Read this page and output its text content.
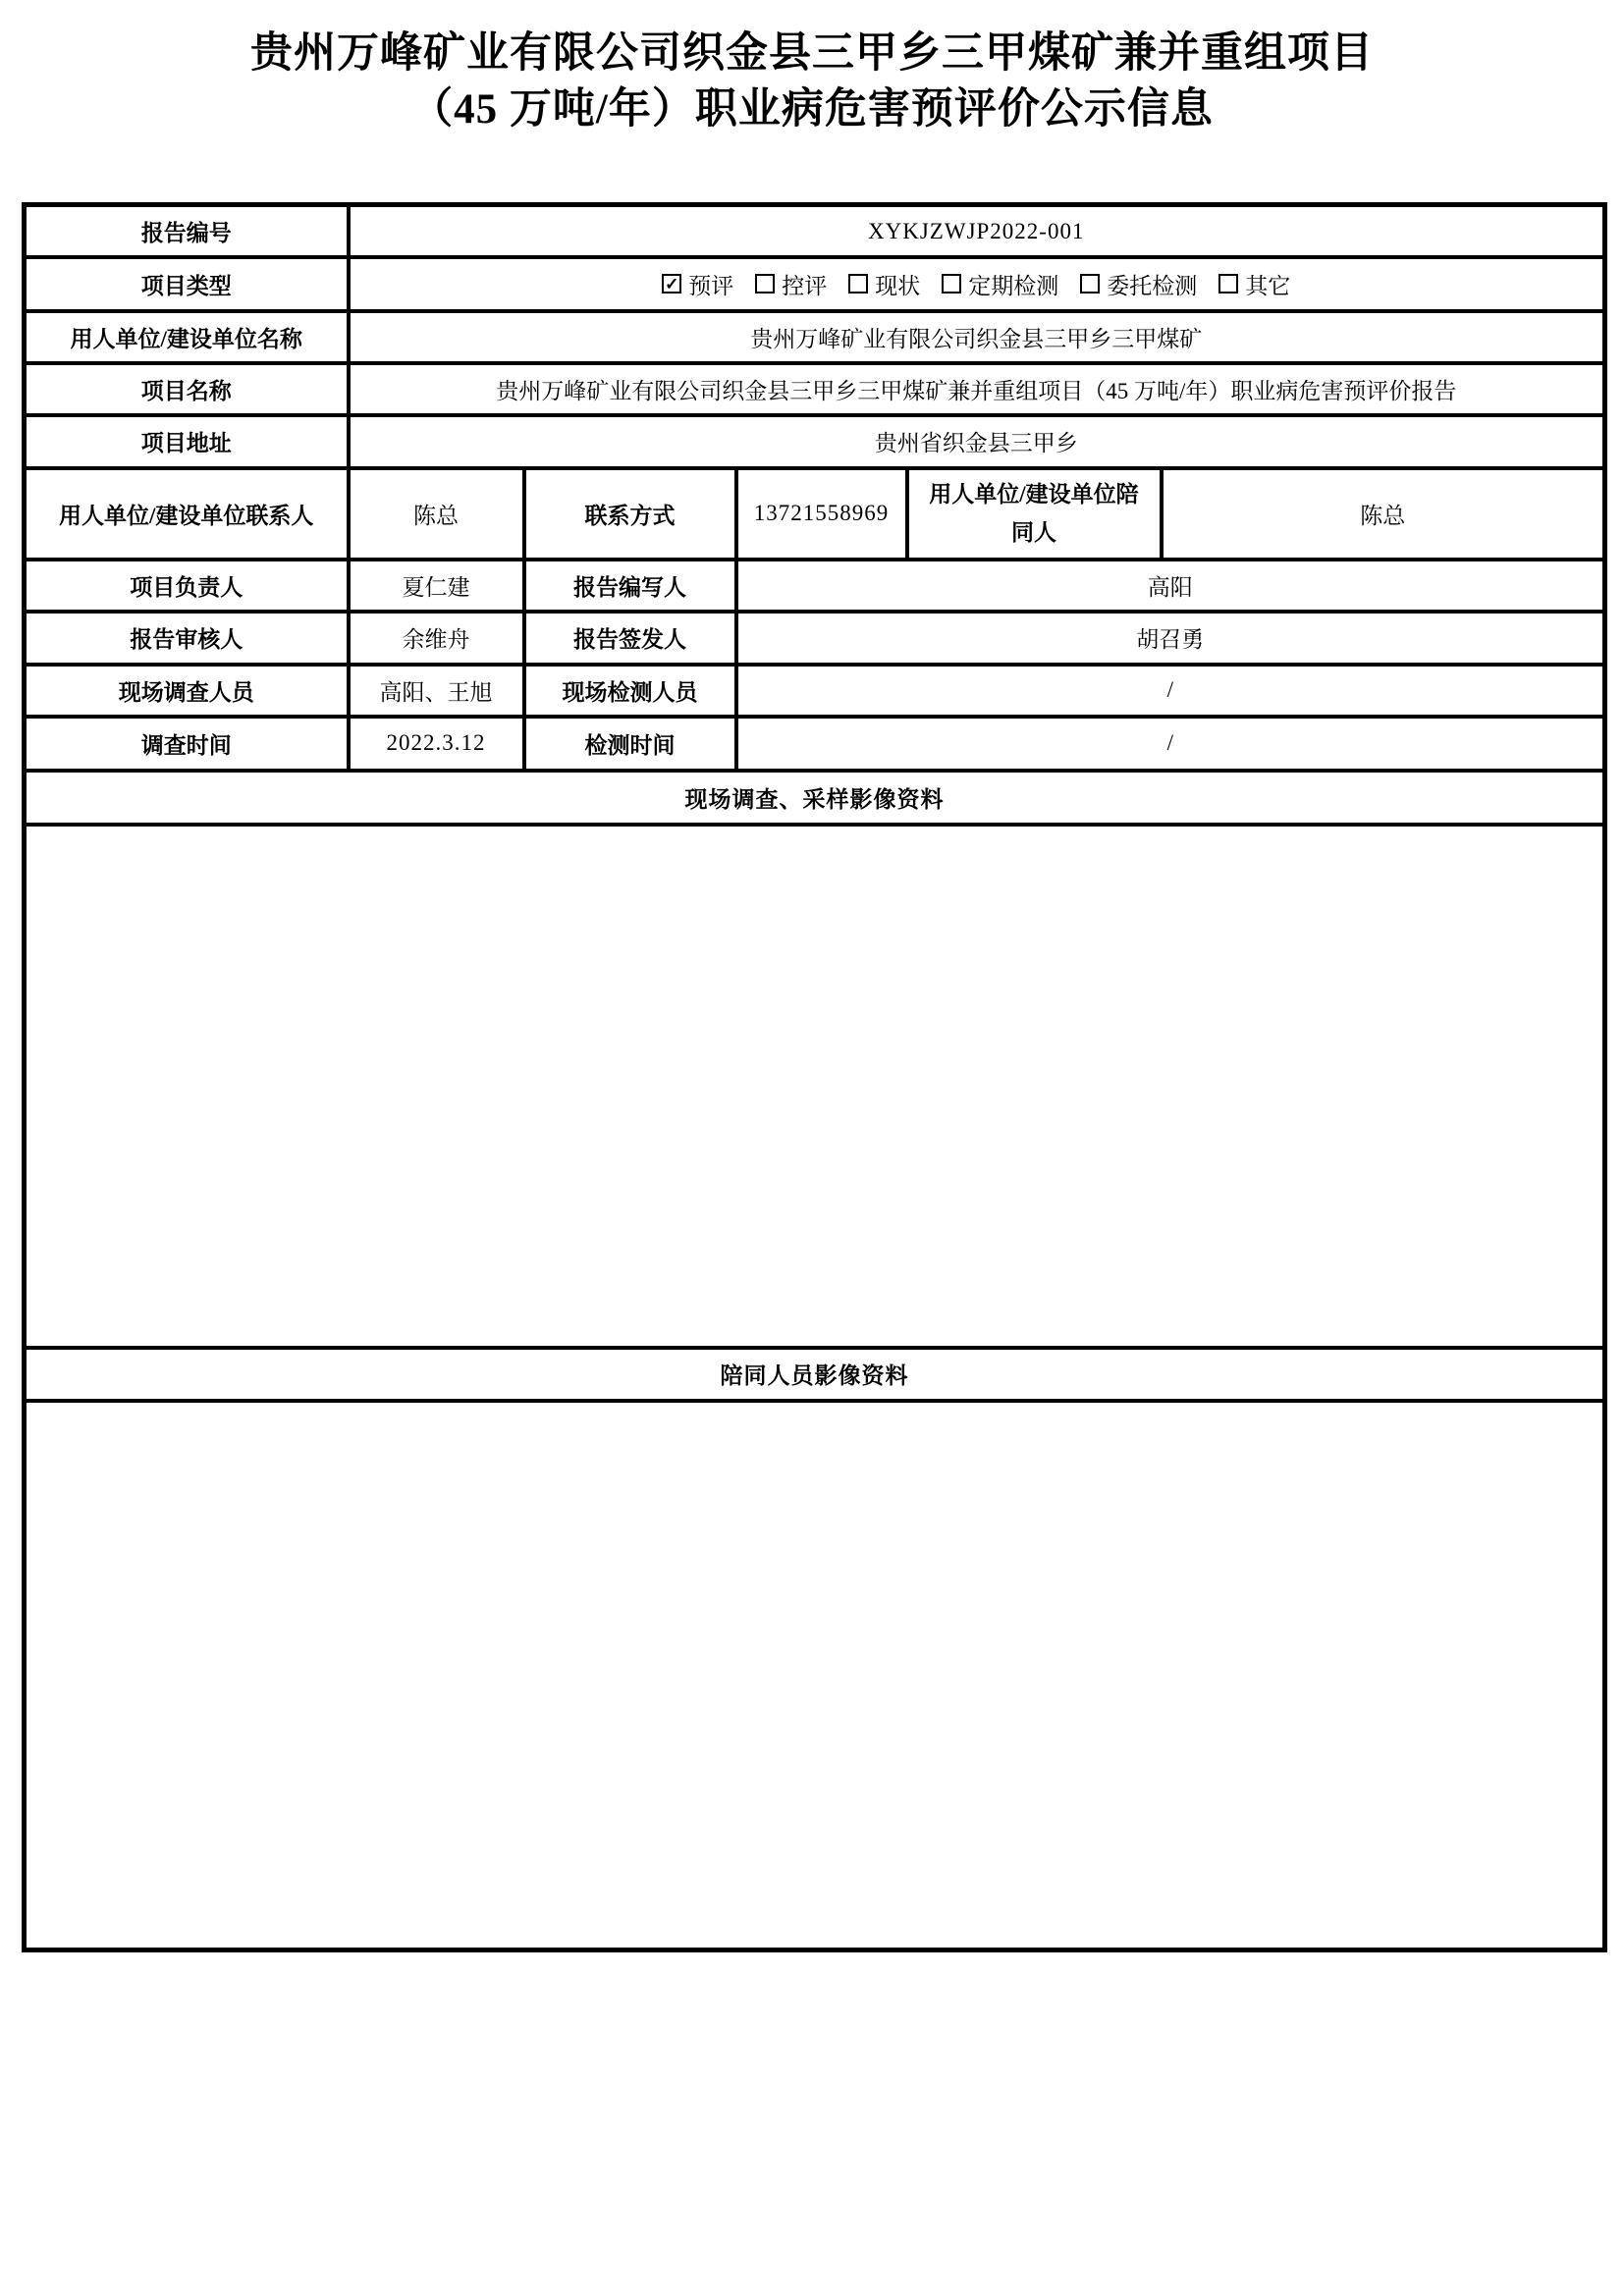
贵州万峰矿业有限公司织金县三甲乡三甲煤矿兼并重组项目
（45 万吨/年）职业病危害预评价公示信息
报告编号	XYKJZWJP2022-001				
项目类型	✓ 预评 控评 现状 定期检测 委托检测 其它

用人单位/建设单位名称	贵州万峰矿业有限公司织金县三甲乡三甲煤矿				
项目名称	贵州万峰矿业有限公司织金县三甲乡三甲煤矿兼并重组项目（45 万吨/年）职业病危害预评价报告				
项目地址	贵州省织金县三甲乡				
用人单位/建设单位联系人	陈总	联系方式	13721558969	用人单位/建设单位陪同人	陈总
项目负责人	夏仁建	报告编写人	高阳		
报告审核人	余维舟	报告签发人	胡召勇		
现场调查人员	高阳、王旭	现场检测人员	/		
调查时间	2022.3.12	检测时间	/		
现场调查、采样影像资料					

陪同人员影像资料					
